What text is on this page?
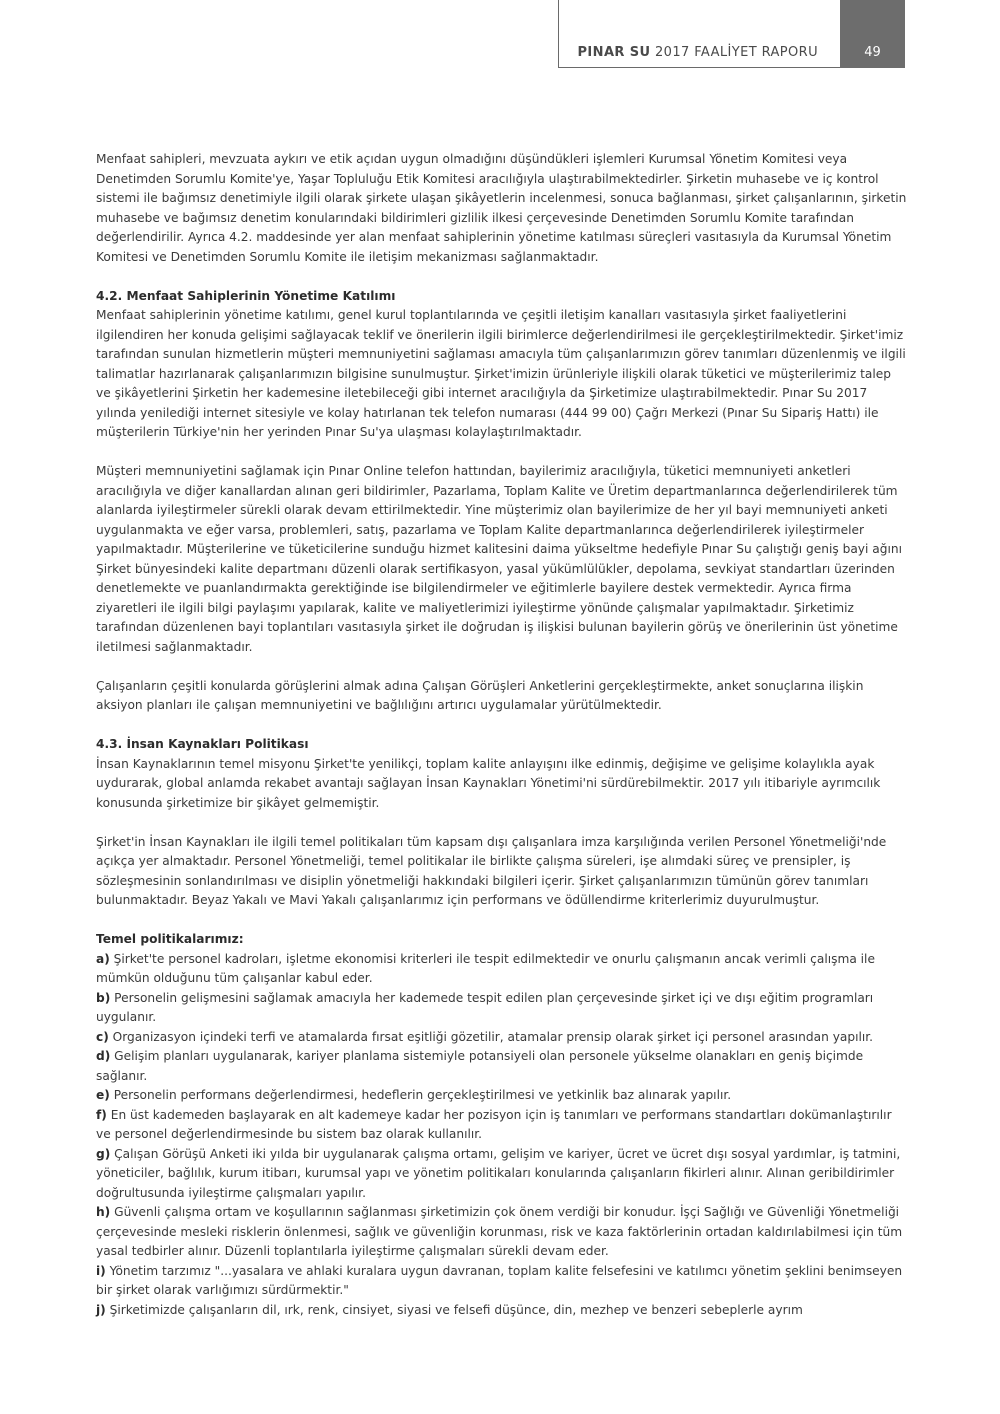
PINAR SU 2017 FAALİYET RAPORU	49

Menfaat sahipleri, mevzuata aykırı ve etik açıdan uygun olmadığını düşündükleri işlemleri Kurumsal Yönetim Komitesi veya Denetimden Sorumlu Komite'ye, Yaşar Topluluğu Etik Komitesi aracılığıyla ulaştırabilmektedirler. Şirketin muhasebe ve iç kontrol sistemi ile bağımsız denetimiyle ilgili olarak şirkete ulaşan şikâyetlerin incelenmesi, sonuca bağlanması, şirket çalışanlarının, şirketin muhasebe ve bağımsız denetim konularındaki bildirimleri gizlilik ilkesi çerçevesinde Denetimden Sorumlu Komite tarafından değerlendirilir. Ayrıca 4.2. maddesinde yer alan menfaat sahiplerinin yönetime katılması süreçleri vasıtasıyla da Kurumsal Yönetim Komitesi ve Denetimden Sorumlu Komite ile iletişim mekanizması sağlanmaktadır.

4.2. Menfaat Sahiplerinin Yönetime Katılımı

Menfaat sahiplerinin yönetime katılımı, genel kurul toplantılarında ve çeşitli iletişim kanalları vasıtasıyla şirket faaliyetlerini ilgilendiren her konuda gelişimi sağlayacak teklif ve önerilerin ilgili birimlerce değerlendirilmesi ile gerçekleştirilmektedir. Şirket'imiz tarafından sunulan hizmetlerin müşteri memnuniyetini sağlaması amacıyla tüm çalışanlarımızın görev tanımları düzenlenmiş ve ilgili talimatlar hazırlanarak çalışanlarımızın bilgisine sunulmuştur. Şirket'imizin ürünleriyle ilişkili olarak tüketici ve müşterilerimiz talep ve şikâyetlerini Şirketin her kademesine iletebileceği gibi internet aracılığıyla da Şirketimize ulaştırabilmektedir. Pınar Su 2017 yılında yenilediği internet sitesiyle ve kolay hatırlanan tek telefon numarası (444 99 00) Çağrı Merkezi (Pınar Su Sipariş Hattı) ile müşterilerin Türkiye'nin her yerinden Pınar Su'ya ulaşması kolaylaştırılmaktadır.

Müşteri memnuniyetini sağlamak için Pınar Online telefon hattından, bayilerimiz aracılığıyla, tüketici memnuniyeti anketleri aracılığıyla ve diğer kanallardan alınan geri bildirimler, Pazarlama, Toplam Kalite ve Üretim departmanlarınca değerlendirilerek tüm alanlarda iyileştirmeler sürekli olarak devam ettirilmektedir. Yine müşterimiz olan bayilerimize de her yıl bayi memnuniyeti anketi uygulanmakta ve eğer varsa, problemleri, satış, pazarlama ve Toplam Kalite departmanlarınca değerlendirilerek iyileştirmeler yapılmaktadır. Müşterilerine ve tüketicilerine sunduğu hizmet kalitesini daima yükseltme hedefiyle Pınar Su çalıştığı geniş bayi ağını Şirket bünyesindeki kalite departmanı düzenli olarak sertifikasyon, yasal yükümlülükler, depolama, sevkiyat standartları üzerinden denetlemekte ve puanlandırmakta gerektiğinde ise bilgilendirmeler ve eğitimlerle bayilere destek vermektedir. Ayrıca firma ziyaretleri ile ilgili bilgi paylaşımı yapılarak, kalite ve maliyetlerimizi iyileştirme yönünde çalışmalar yapılmaktadır. Şirketimiz tarafından düzenlenen bayi toplantıları vasıtasıyla şirket ile doğrudan iş ilişkisi bulunan bayilerin görüş ve önerilerinin üst yönetime iletilmesi sağlanmaktadır.

Çalışanların çeşitli konularda görüşlerini almak adına Çalışan Görüşleri Anketlerini gerçekleştirmekte, anket sonuçlarına ilişkin aksiyon planları ile çalışan memnuniyetini ve bağlılığını artırıcı uygulamalar yürütülmektedir.

4.3. İnsan Kaynakları Politikası

İnsan Kaynaklarının temel misyonu Şirket'te yenilikçi, toplam kalite anlayışını ilke edinmiş, değişime ve gelişime kolaylıkla ayak uydurarak, global anlamda rekabet avantajı sağlayan İnsan Kaynakları Yönetimi'ni sürdürebilmektir. 2017 yılı itibariyle ayrımcılık konusunda şirketimize bir şikâyet gelmemiştir.

Şirket'in İnsan Kaynakları ile ilgili temel politikaları tüm kapsam dışı çalışanlara imza karşılığında verilen Personel Yönetmeliği'nde açıkça yer almaktadır. Personel Yönetmeliği, temel politikalar ile birlikte çalışma süreleri, işe alımdaki süreç ve prensipler, iş sözleşmesinin sonlandırılması ve disiplin yönetmeliği hakkındaki bilgileri içerir. Şirket çalışanlarımızın tümünün görev tanımları bulunmaktadır. Beyaz Yakalı ve Mavi Yakalı çalışanlarımız için performans ve ödüllendirme kriterlerimiz duyurulmuştur.

Temel politikalarımız:

a) Şirket'te personel kadroları, işletme ekonomisi kriterleri ile tespit edilmektedir ve onurlu çalışmanın ancak verimli çalışma ile mümkün olduğunu tüm çalışanlar kabul eder.

b) Personelin gelişmesini sağlamak amacıyla her kademede tespit edilen plan çerçevesinde şirket içi ve dışı eğitim programları uygulanır.

c) Organizasyon içindeki terfi ve atamalarda fırsat eşitliği gözetilir, atamalar prensip olarak şirket içi personel arasından yapılır.

d) Gelişim planları uygulanarak, kariyer planlama sistemiyle potansiyeli olan personele yükselme olanakları en geniş biçimde sağlanır.

e) Personelin performans değerlendirmesi, hedeflerin gerçekleştirilmesi ve yetkinlik baz alınarak yapılır.

f) En üst kademeden başlayarak en alt kademeye kadar her pozisyon için iş tanımları ve performans standartları dokümanlaştırılır ve personel değerlendirmesinde bu sistem baz olarak kullanılır.

g) Çalışan Görüşü Anketi iki yılda bir uygulanarak çalışma ortamı, gelişim ve kariyer, ücret ve ücret dışı sosyal yardımlar, iş tatmini, yöneticiler, bağlılık, kurum itibarı, kurumsal yapı ve yönetim politikaları konularında çalışanların fikirleri alınır. Alınan geribildirimler doğrultusunda iyileştirme çalışmaları yapılır.

h) Güvenli çalışma ortam ve koşullarının sağlanması şirketimizin çok önem verdiği bir konudur. İşçi Sağlığı ve Güvenliği Yönetmeliği çerçevesinde mesleki risklerin önlenmesi, sağlık ve güvenliğin korunması, risk ve kaza faktörlerinin ortadan kaldırılabilmesi için tüm yasal tedbirler alınır. Düzenli toplantılarla iyileştirme çalışmaları sürekli devam eder.

i) Yönetim tarzımız "...yasalara ve ahlaki kuralara uygun davranan, toplam kalite felsefesini ve katılımcı yönetim şeklini benimseyen bir şirket olarak varlığımızı sürdürmektir."

j) Şirketimizde çalışanların dil, ırk, renk, cinsiyet, siyasi ve felsefi düşünce, din, mezhep ve benzeri sebeplerle ayrım
